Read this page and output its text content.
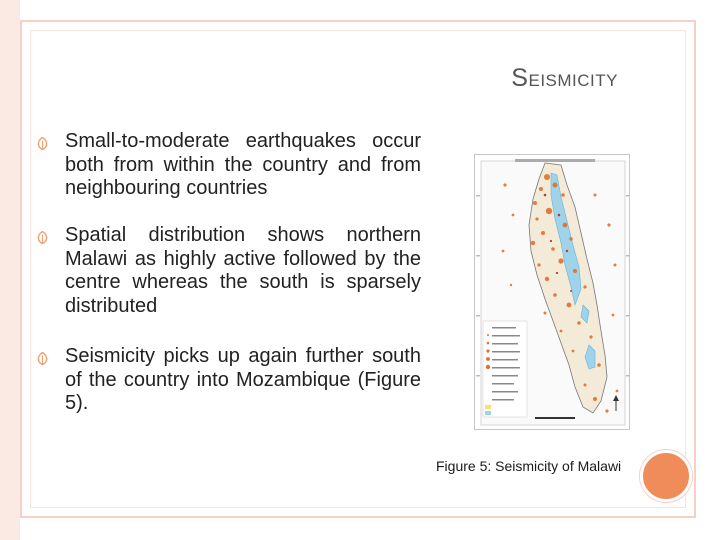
SEISMICITY
Small-to-moderate earthquakes occur both from within the country and from neighbouring countries
Spatial distribution shows northern Malawi as highly active followed by the centre whereas the south is sparsely distributed
Seismicity picks up again further south of the country into Mozambique (Figure 5).
Figure 5: Seismicity of Malawi
